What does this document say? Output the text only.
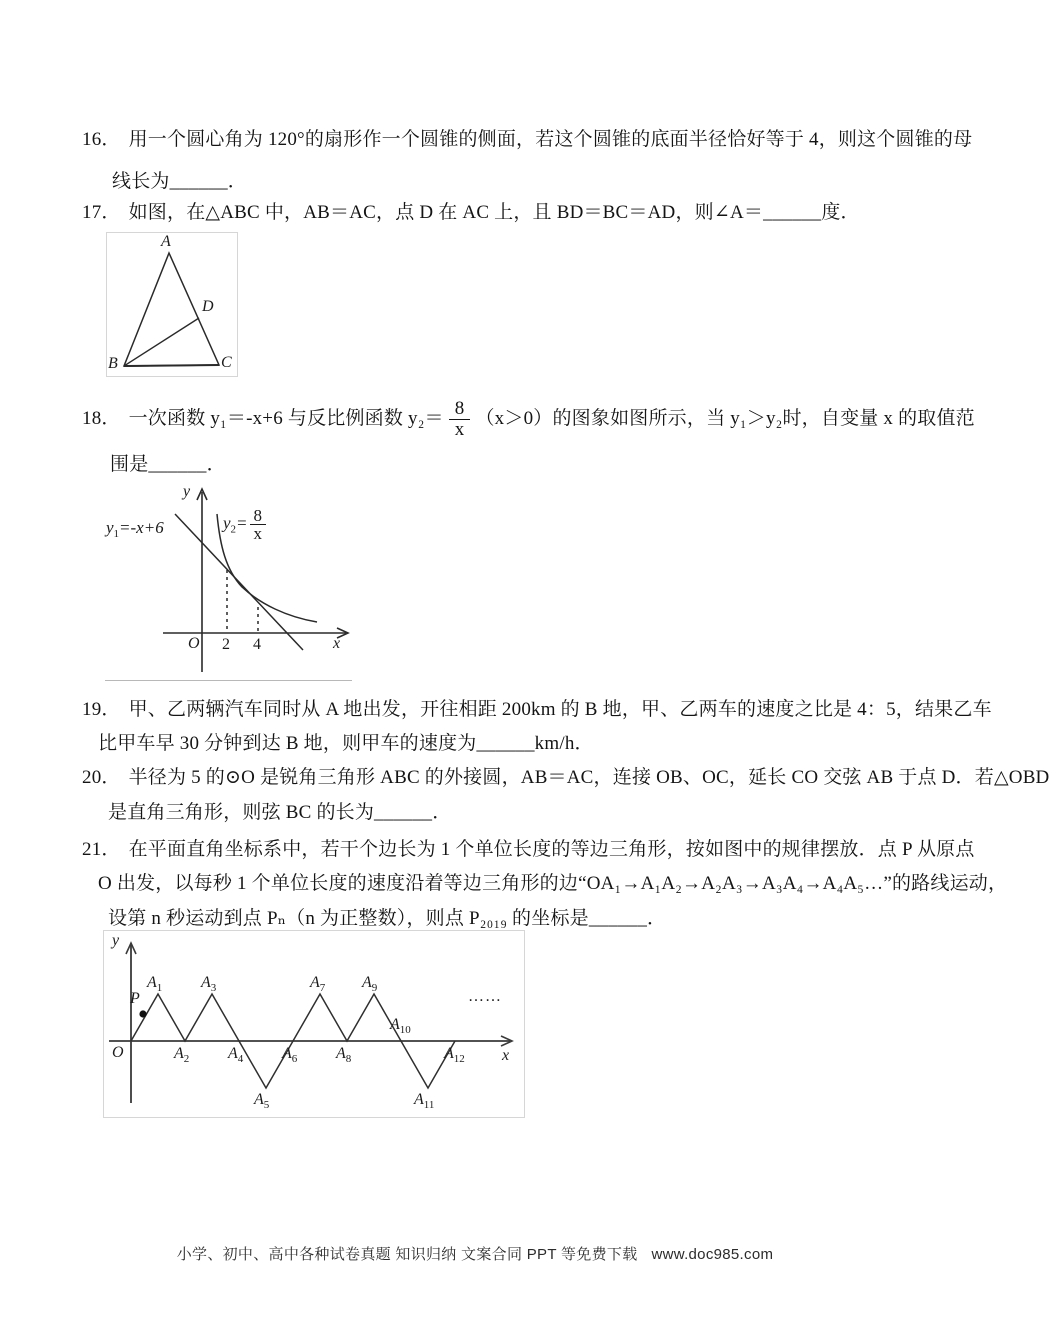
16． 用一个圆心角为 120°的扇形作一个圆锥的侧面，若这个圆锥的底面半径恰好等于 4，则这个圆锥的母
线长为______．
17． 如图，在△ABC 中，AB＝AC，点 D 在 AC 上，且 BD＝BC＝AD，则∠A＝______度．
A
B	C
D
18． 一次函数 y₁＝-x+6 与反比例函数 $y_2= \frac{8}{x} (x>0)$的图象如图所示，当 y₁＞y₂时，自变量 x 的取值范
围是______．
y
x
O 2 4
$y_1=-x+6$	$y_2= \frac{8}{x}$
19． 甲、乙两辆汽车同时从 A 地出发，开往相距 200km 的 B 地，甲、乙两车的速度之比是 4：5，结果乙车
比甲车早 30 分钟到达 B 地，则甲车的速度为______km/h．
20． 半径为 5 的⊙O 是锐角三角形 ABC 的外接圆，AB＝AC，连接 OB、OC，延长 CO 交弦 AB 于点 D．若△OBD
是直角三角形，则弦 BC 的长为______．
21． 在平面直角坐标系中，若干个边长为 1 个单位长度的等边三角形，按如图中的规律摆放．点 P 从原点
O 出发，以每秒 1 个单位长度的速度沿着等边三角形的边“OA₁→A₁A₂→A₂A₃→A₃A₄→A₄A₅…”的路线运动，
设第 n 秒运动到点 Pₙ（n 为正整数），则点 P₂₀₁₉ 的坐标是______．
y
x
O
P
$A_1$
$A_2$
$A_3$
$A_4$
$A_5$
$A_6$
$A_7$
$A_8$
$A_9$
$A_{10}$
$A_{11}$
$A_{12}$
……
小学、初中、高中各种试卷真题 知识归纳 文案合同 PPT 等免费下载 www.doc985.com
